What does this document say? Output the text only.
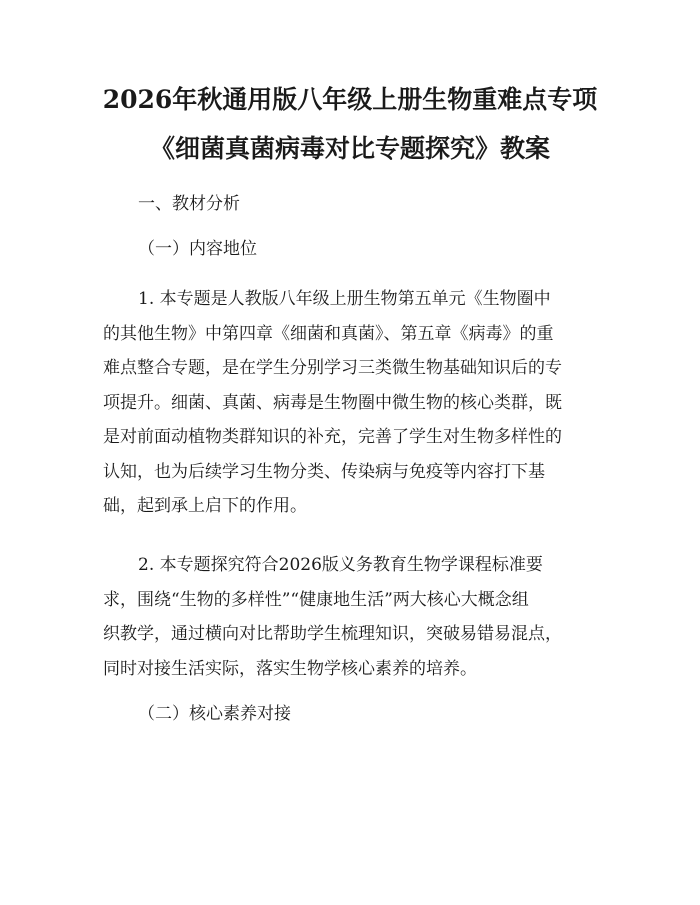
2026年秋通用版八年级上册生物重难点专项
《细菌真菌病毒对比专题探究》教案

一、教材分析

（一）内容地位

1. 本专题是人教版八年级上册生物第五单元《生物圈中
的其他生物》中第四章《细菌和真菌》、第五章《病毒》的重
难点整合专题，是在学生分别学习三类微生物基础知识后的专
项提升。细菌、真菌、病毒是生物圈中微生物的核心类群，既
是对前面动植物类群知识的补充，完善了学生对生物多样性的
认知，也为后续学习生物分类、传染病与免疫等内容打下基
础，起到承上启下的作用。
2. 本专题探究符合2026版义务教育生物学课程标准要
求，围绕“生物的多样性”“健康地生活”两大核心大概念组
织教学，通过横向对比帮助学生梳理知识，突破易错易混点，
同时对接生活实际，落实生物学核心素养的培养。

（二）核心素养对接
